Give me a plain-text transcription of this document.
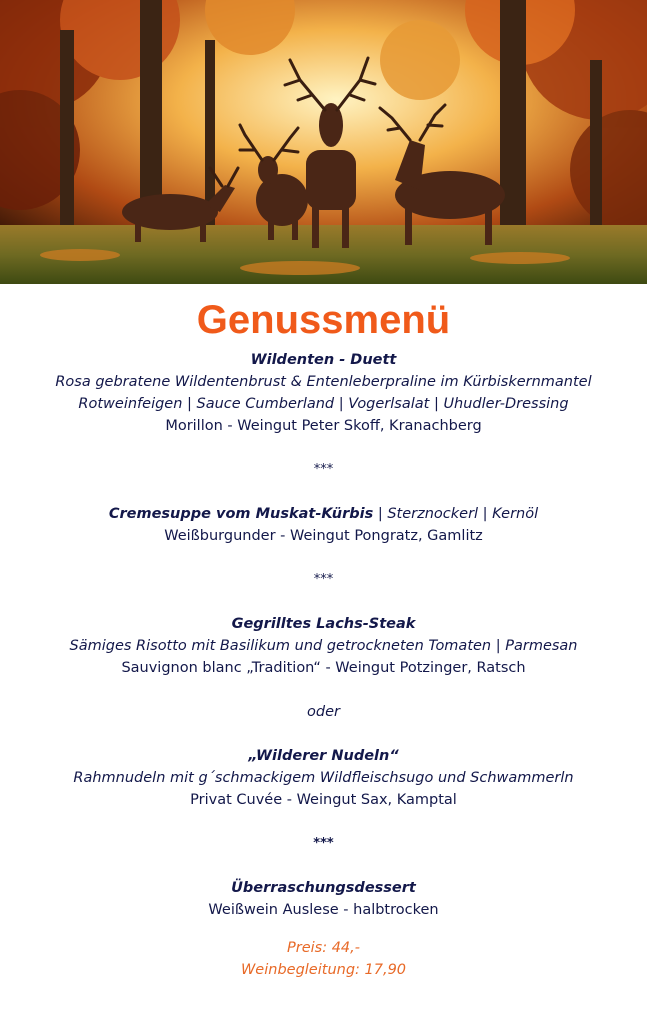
Genussmenü
Wildenten - Duett
Rosa gebratene Wildentenbrust & Entenleberpraline im Kürbiskernmantel
Rotweinfeigen | Sauce Cumberland | Vogerlsalat | Uhudler-Dressing
Morillon - Weingut Peter Skoff, Kranachberg
***
Cremesuppe vom Muskat-Kürbis | Sterznockerl | Kernöl
Weißburgunder - Weingut Pongratz, Gamlitz
***
Gegrilltes Lachs-Steak
Sämiges Risotto mit Basilikum und getrockneten Tomaten | Parmesan
Sauvignon blanc „Tradition“ - Weingut Potzinger, Ratsch
oder
„Wilderer Nudeln“
Rahmnudeln mit g´schmackigem Wildfleischsugo und Schwammerln
Privat Cuvée - Weingut Sax, Kamptal
***
Überraschungsdessert
Weißwein Auslese - halbtrocken
Preis: 44,-
Weinbegleitung: 17,90
